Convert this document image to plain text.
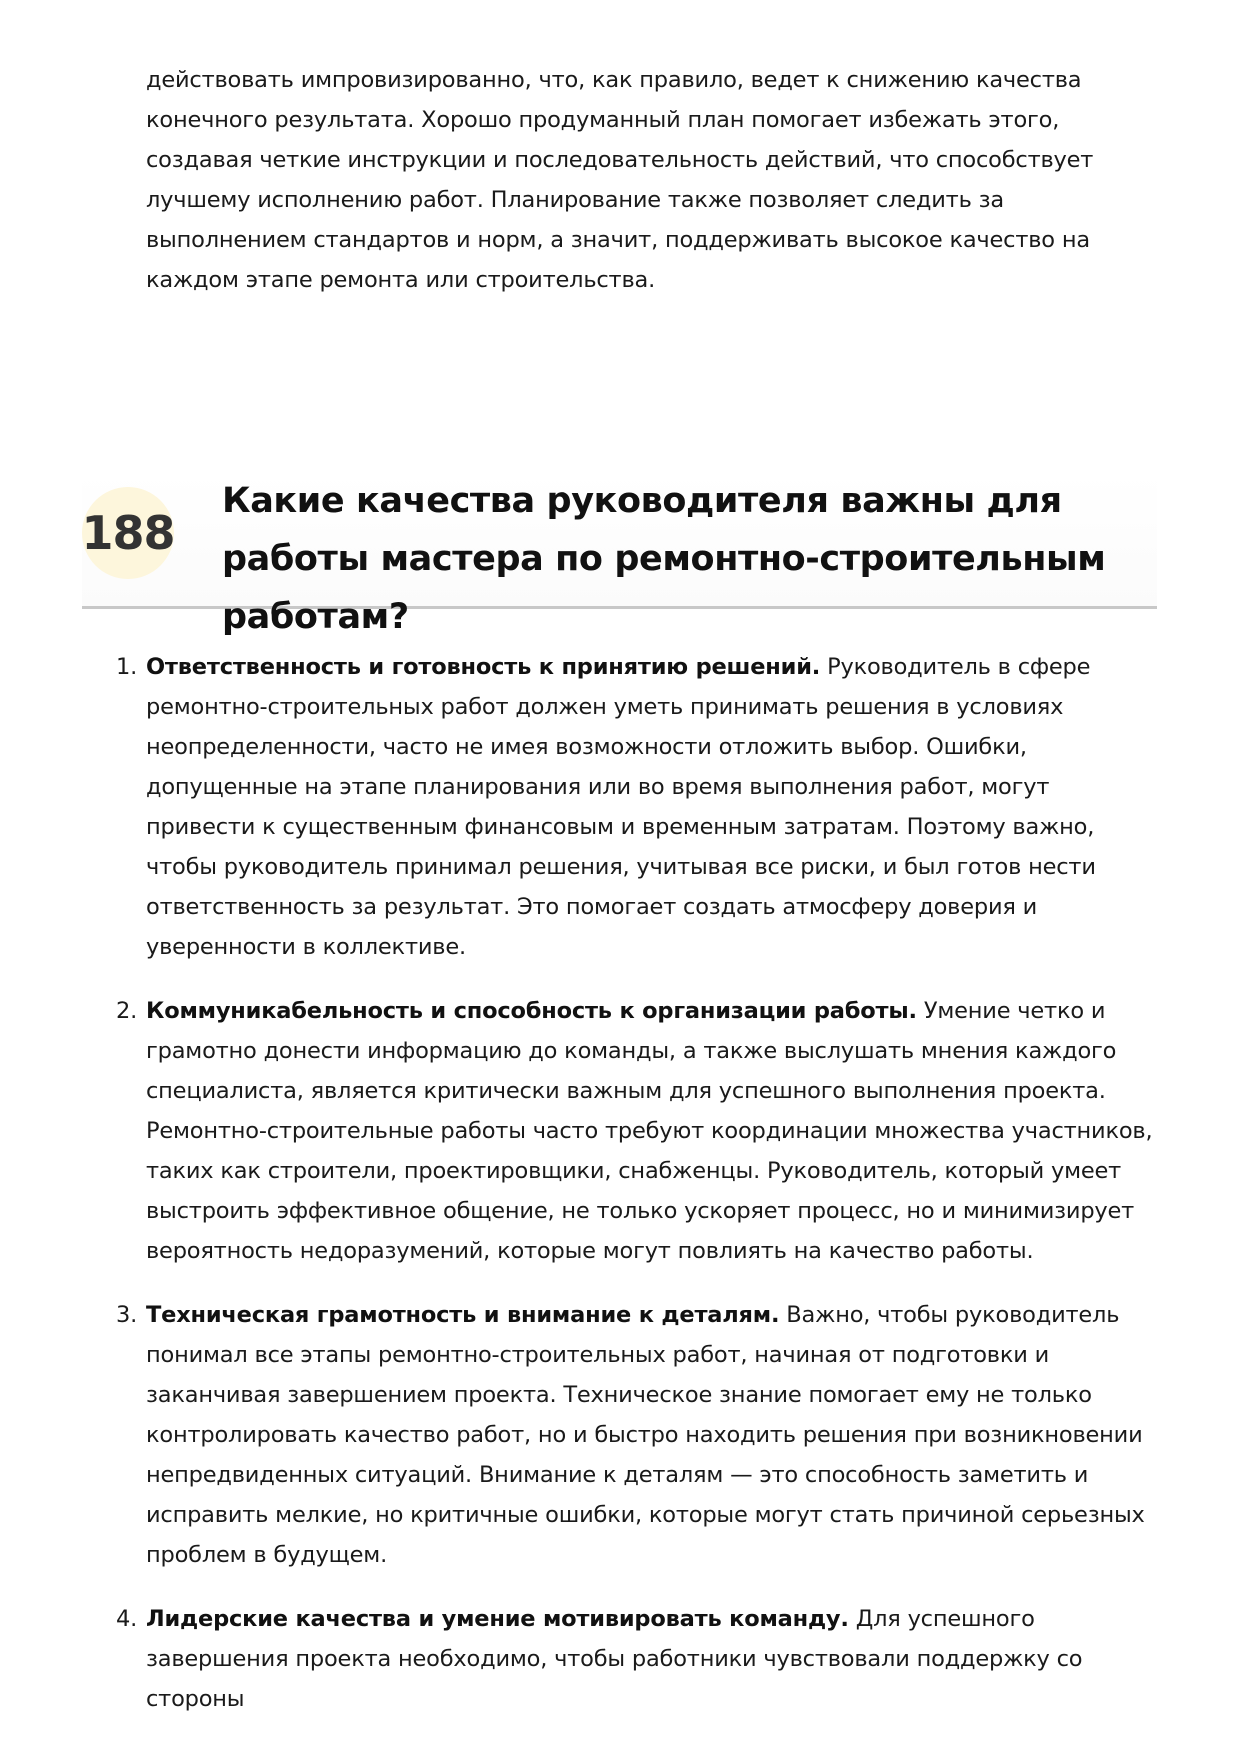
действовать импровизированно, что, как правило, ведет к снижению качества конечного результата. Хорошо продуманный план помогает избежать этого, создавая четкие инструкции и последовательность действий, что способствует лучшему исполнению работ. Планирование также позволяет следить за выполнением стандартов и норм, а значит, поддерживать высокое качество на каждом этапе ремонта или строительства.

188
Какие качества руководителя важны для работы мастера по ремонтно-строительным работам?
1. Ответственность и готовность к принятию решений. Руководитель в сфере ремонтно-строительных работ должен уметь принимать решения в условиях неопределенности, часто не имея возможности отложить выбор. Ошибки, допущенные на этапе планирования или во время выполнения работ, могут привести к существенным финансовым и временным затратам. Поэтому важно, чтобы руководитель принимал решения, учитывая все риски, и был готов нести ответственность за результат. Это помогает создать атмосферу доверия и уверенности в коллективе.
2. Коммуникабельность и способность к организации работы. Умение четко и грамотно донести информацию до команды, а также выслушать мнения каждого специалиста, является критически важным для успешного выполнения проекта. Ремонтно-строительные работы часто требуют координации множества участников, таких как строители, проектировщики, снабженцы. Руководитель, который умеет выстроить эффективное общение, не только ускоряет процесс, но и минимизирует вероятность недоразумений, которые могут повлиять на качество работы.
3. Техническая грамотность и внимание к деталям. Важно, чтобы руководитель понимал все этапы ремонтно-строительных работ, начиная от подготовки и заканчивая завершением проекта. Техническое знание помогает ему не только контролировать качество работ, но и быстро находить решения при возникновении непредвиденных ситуаций. Внимание к деталям — это способность заметить и исправить мелкие, но критичные ошибки, которые могут стать причиной серьезных проблем в будущем.
4. Лидерские качества и умение мотивировать команду. Для успешного завершения проекта необходимо, чтобы работники чувствовали поддержку со стороны
